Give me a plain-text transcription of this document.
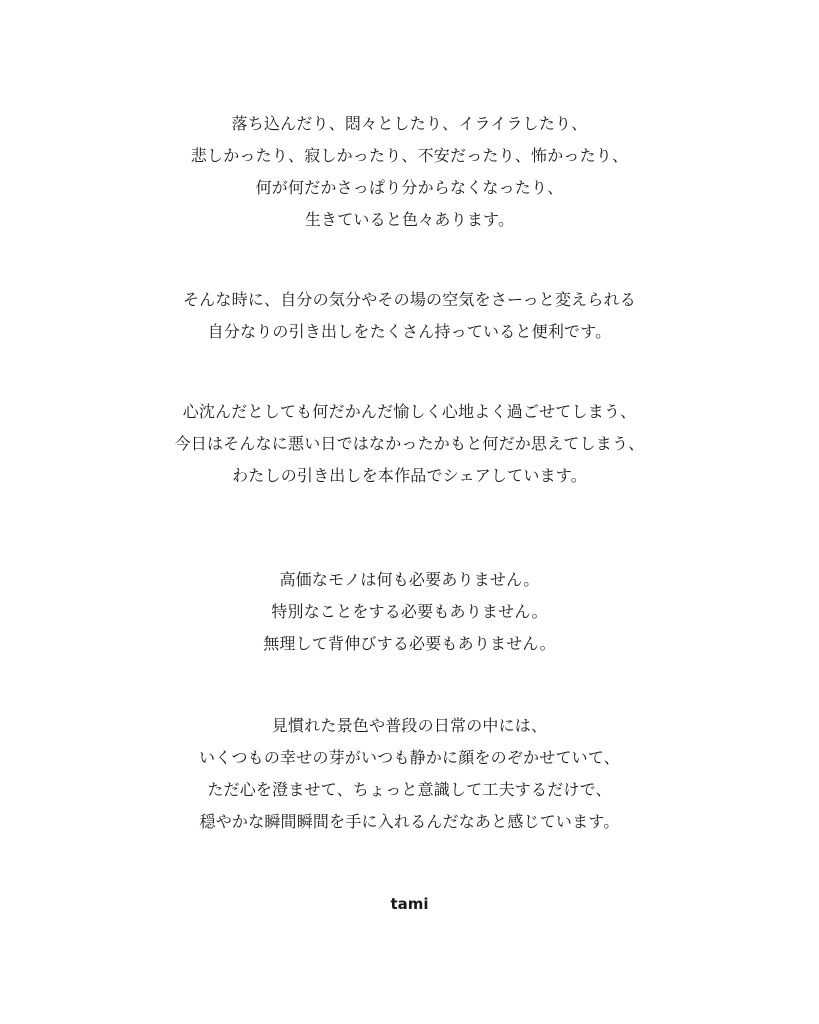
落ち込んだり、悶々としたり、イライラしたり、
悲しかったり、寂しかったり、不安だったり、怖かったり、
何が何だかさっぱり分からなくなったり、
生きていると色々あります。
そんな時に、自分の気分やその場の空気をさーっと変えられる
自分なりの引き出しをたくさん持っていると便利です。
心沈んだとしても何だかんだ愉しく心地よく過ごせてしまう、
今日はそんなに悪い日ではなかったかもと何だか思えてしまう、
わたしの引き出しを本作品でシェアしています。
高価なモノは何も必要ありません。
特別なことをする必要もありません。
無理して背伸びする必要もありません。
見慣れた景色や普段の日常の中には、
いくつもの幸せの芽がいつも静かに顔をのぞかせていて、
ただ心を澄ませて、ちょっと意識して工夫するだけで、
穏やかな瞬間瞬間を手に入れるんだなあと感じています。
tami
